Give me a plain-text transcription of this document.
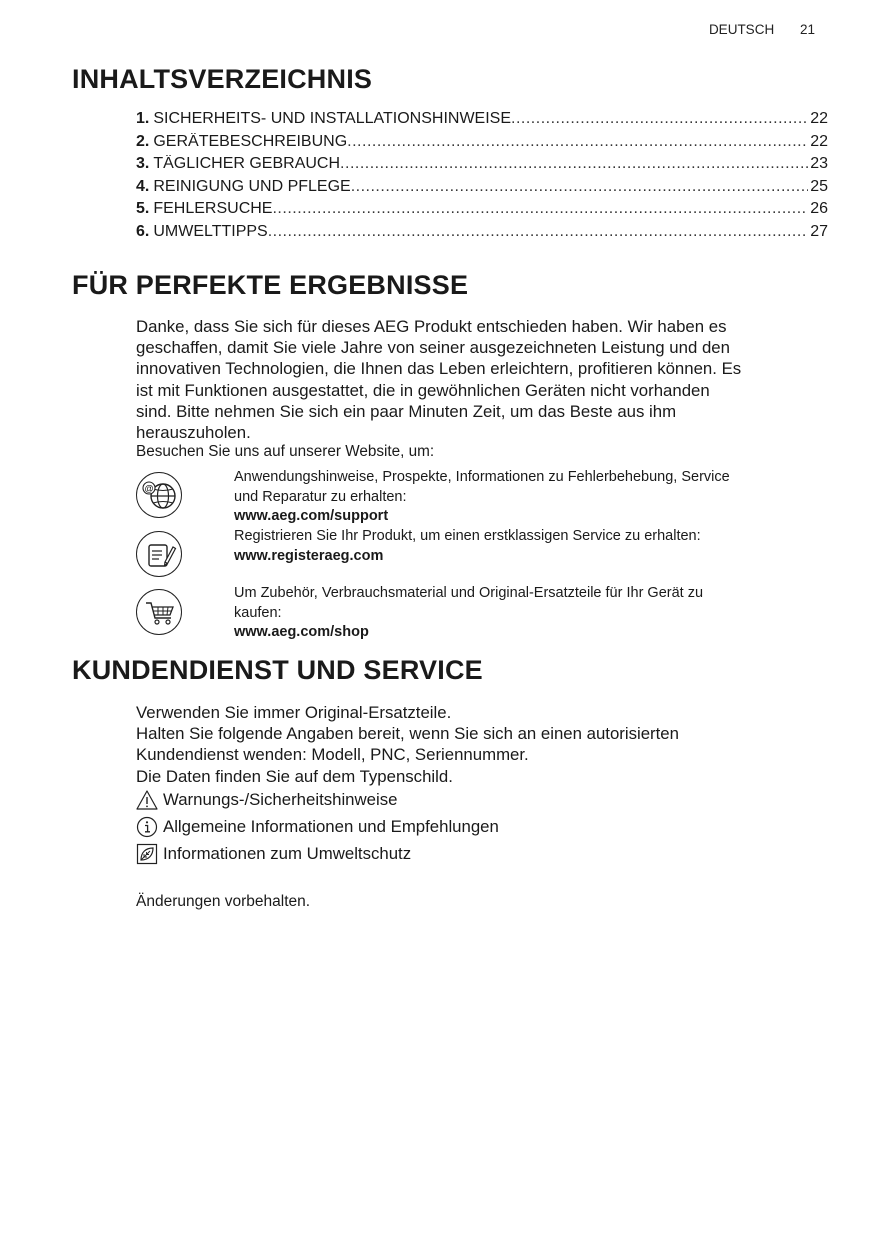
DEUTSCH 21
INHALTSVERZEICHNIS
1. SICHERHEITS- UND INSTALLATIONSHINWEISE .....	22
2. GERÄTEBESCHREIBUNG .....	22
3. TÄGLICHER GEBRAUCH .....	23
4. REINIGUNG UND PFLEGE .....	25
5. FEHLERSUCHE .....	26
6. UMWELTTIPPS .....	27
FÜR PERFEKTE ERGEBNISSE
Danke, dass Sie sich für dieses AEG Produkt entschieden haben. Wir haben es
geschaffen, damit Sie viele Jahre von seiner ausgezeichneten Leistung und den
innovativen Technologien, die Ihnen das Leben erleichtern, profitieren können. Es
ist mit Funktionen ausgestattet, die in gewöhnlichen Geräten nicht vorhanden
sind. Bitte nehmen Sie sich ein paar Minuten Zeit, um das Beste aus ihm
herauszuholen.
Besuchen Sie uns auf unserer Website, um:
@
Anwendungshinweise, Prospekte, Informationen zu Fehlerbehebung, Service
und Reparatur zu erhalten:
www.aeg.com/support
Registrieren Sie Ihr Produkt, um einen erstklassigen Service zu erhalten:
www.registeraeg.com
Um Zubehör, Verbrauchsmaterial und Original-Ersatzteile für Ihr Gerät zu
kaufen:
www.aeg.com/shop
KUNDENDIENST UND SERVICE
Verwenden Sie immer Original-Ersatzteile.
Halten Sie folgende Angaben bereit, wenn Sie sich an einen autorisierten
Kundendienst wenden: Modell, PNC, Seriennummer.
Die Daten finden Sie auf dem Typenschild.
Warnungs-/Sicherheitshinweise
Allgemeine Informationen und Empfehlungen
Informationen zum Umweltschutz
Änderungen vorbehalten.
